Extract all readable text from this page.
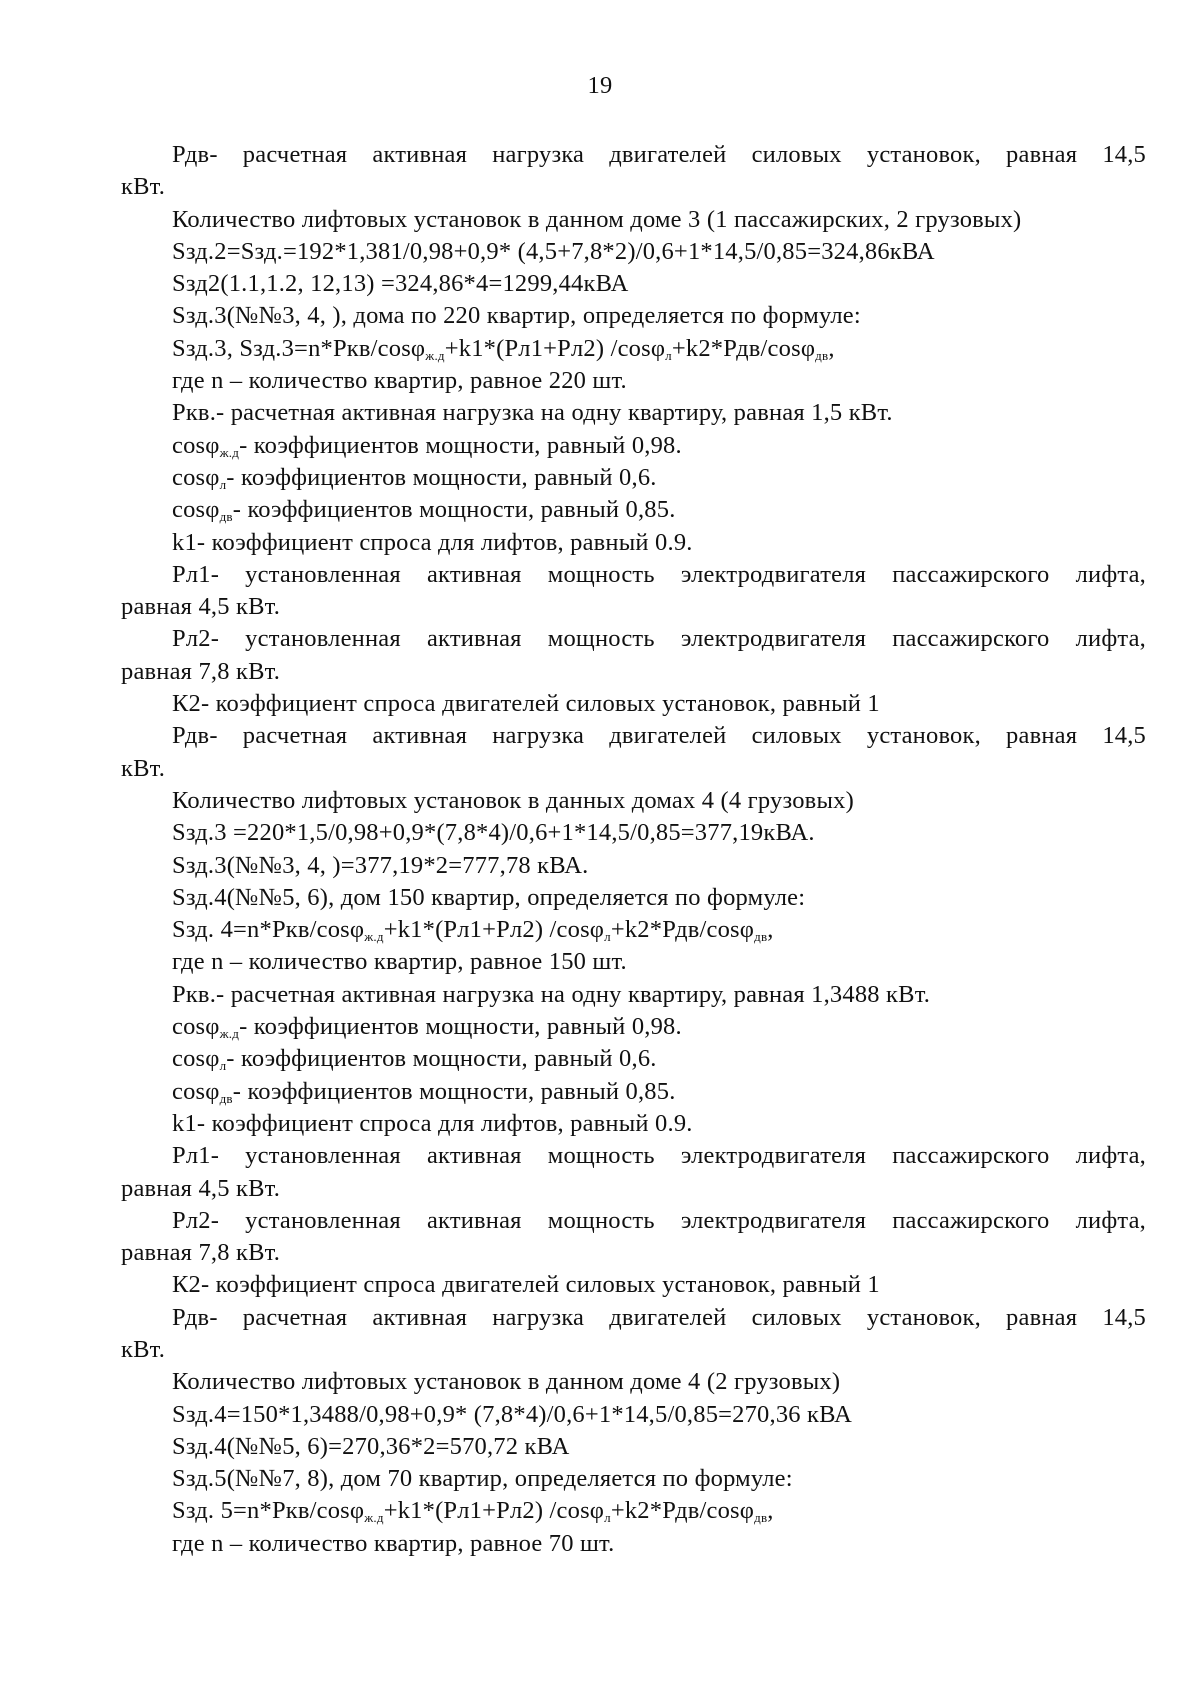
19
Рдв- расчетная активная нагрузка двигателей силовых установок, равная 14,5
кВт.
Количество лифтовых установок в данном доме 3 (1 пассажирских, 2 грузовых)
Sзд.2=Sзд.=192*1,381/0,98+0,9* (4,5+7,8*2)/0,6+1*14,5/0,85=324,86кВА
Sзд2(1.1,1.2, 12,13) =324,86*4=1299,44кВА
Sзд.3(№№3, 4, ), дома по 220 квартир, определяется по формуле:
Sзд.3, Sзд.3=n*Ркв/cosφ$_{ж.д}$+k1*(Рл1+Рл2) /cosφ$_л$+k2*Рдв/cosφ$_{дв}$,
где n – количество квартир, равное 220 шт.
Ркв.- расчетная активная нагрузка на одну квартиру, равная 1,5 кВт.
cosφ$_{ж.д}$- коэффициентов мощности, равный 0,98.
cosφ$_л$- коэффициентов мощности, равный 0,6.
cosφ$_{дв}$- коэффициентов мощности, равный 0,85.
k1- коэффициент спроса для лифтов, равный 0.9.
Рл1- установленная активная мощность электродвигателя пассажирского лифта,
равная 4,5 кВт.
Рл2- установленная активная мощность электродвигателя пассажирского лифта,
равная 7,8 кВт.
К2- коэффициент спроса двигателей силовых установок, равный 1
Рдв- расчетная активная нагрузка двигателей силовых установок, равная 14,5
кВт.
Количество лифтовых установок в данных домах 4 (4 грузовых)
Sзд.3 =220*1,5/0,98+0,9*(7,8*4)/0,6+1*14,5/0,85=377,19кВА.
Sзд.3(№№3, 4, )=377,19*2=777,78 кВА.
Sзд.4(№№5, 6), дом 150 квартир, определяется по формуле:
Sзд. 4=n*Ркв/cosφ$_{ж.д}$+k1*(Рл1+Рл2) /cosφ$_л$+k2*Рдв/cosφ$_{дв}$,
где n – количество квартир, равное 150 шт.
Ркв.- расчетная активная нагрузка на одну квартиру, равная 1,3488 кВт.
cosφ$_{ж.д}$- коэффициентов мощности, равный 0,98.
cosφ$_л$- коэффициентов мощности, равный 0,6.
cosφ$_{дв}$- коэффициентов мощности, равный 0,85.
k1- коэффициент спроса для лифтов, равный 0.9.
Рл1- установленная активная мощность электродвигателя пассажирского лифта,
равная 4,5 кВт.
Рл2- установленная активная мощность электродвигателя пассажирского лифта,
равная 7,8 кВт.
К2- коэффициент спроса двигателей силовых установок, равный 1
Рдв- расчетная активная нагрузка двигателей силовых установок, равная 14,5
кВт.
Количество лифтовых установок в данном доме 4 (2 грузовых)
Sзд.4=150*1,3488/0,98+0,9* (7,8*4)/0,6+1*14,5/0,85=270,36 кВА
Sзд.4(№№5, 6)=270,36*2=570,72 кВА
Sзд.5(№№7, 8), дом 70 квартир, определяется по формуле:
Sзд. 5=n*Ркв/cosφ$_{ж.д}$+k1*(Рл1+Рл2) /cosφ$_л$+k2*Рдв/cosφ$_{дв}$,
где n – количество квартир, равное 70 шт.
